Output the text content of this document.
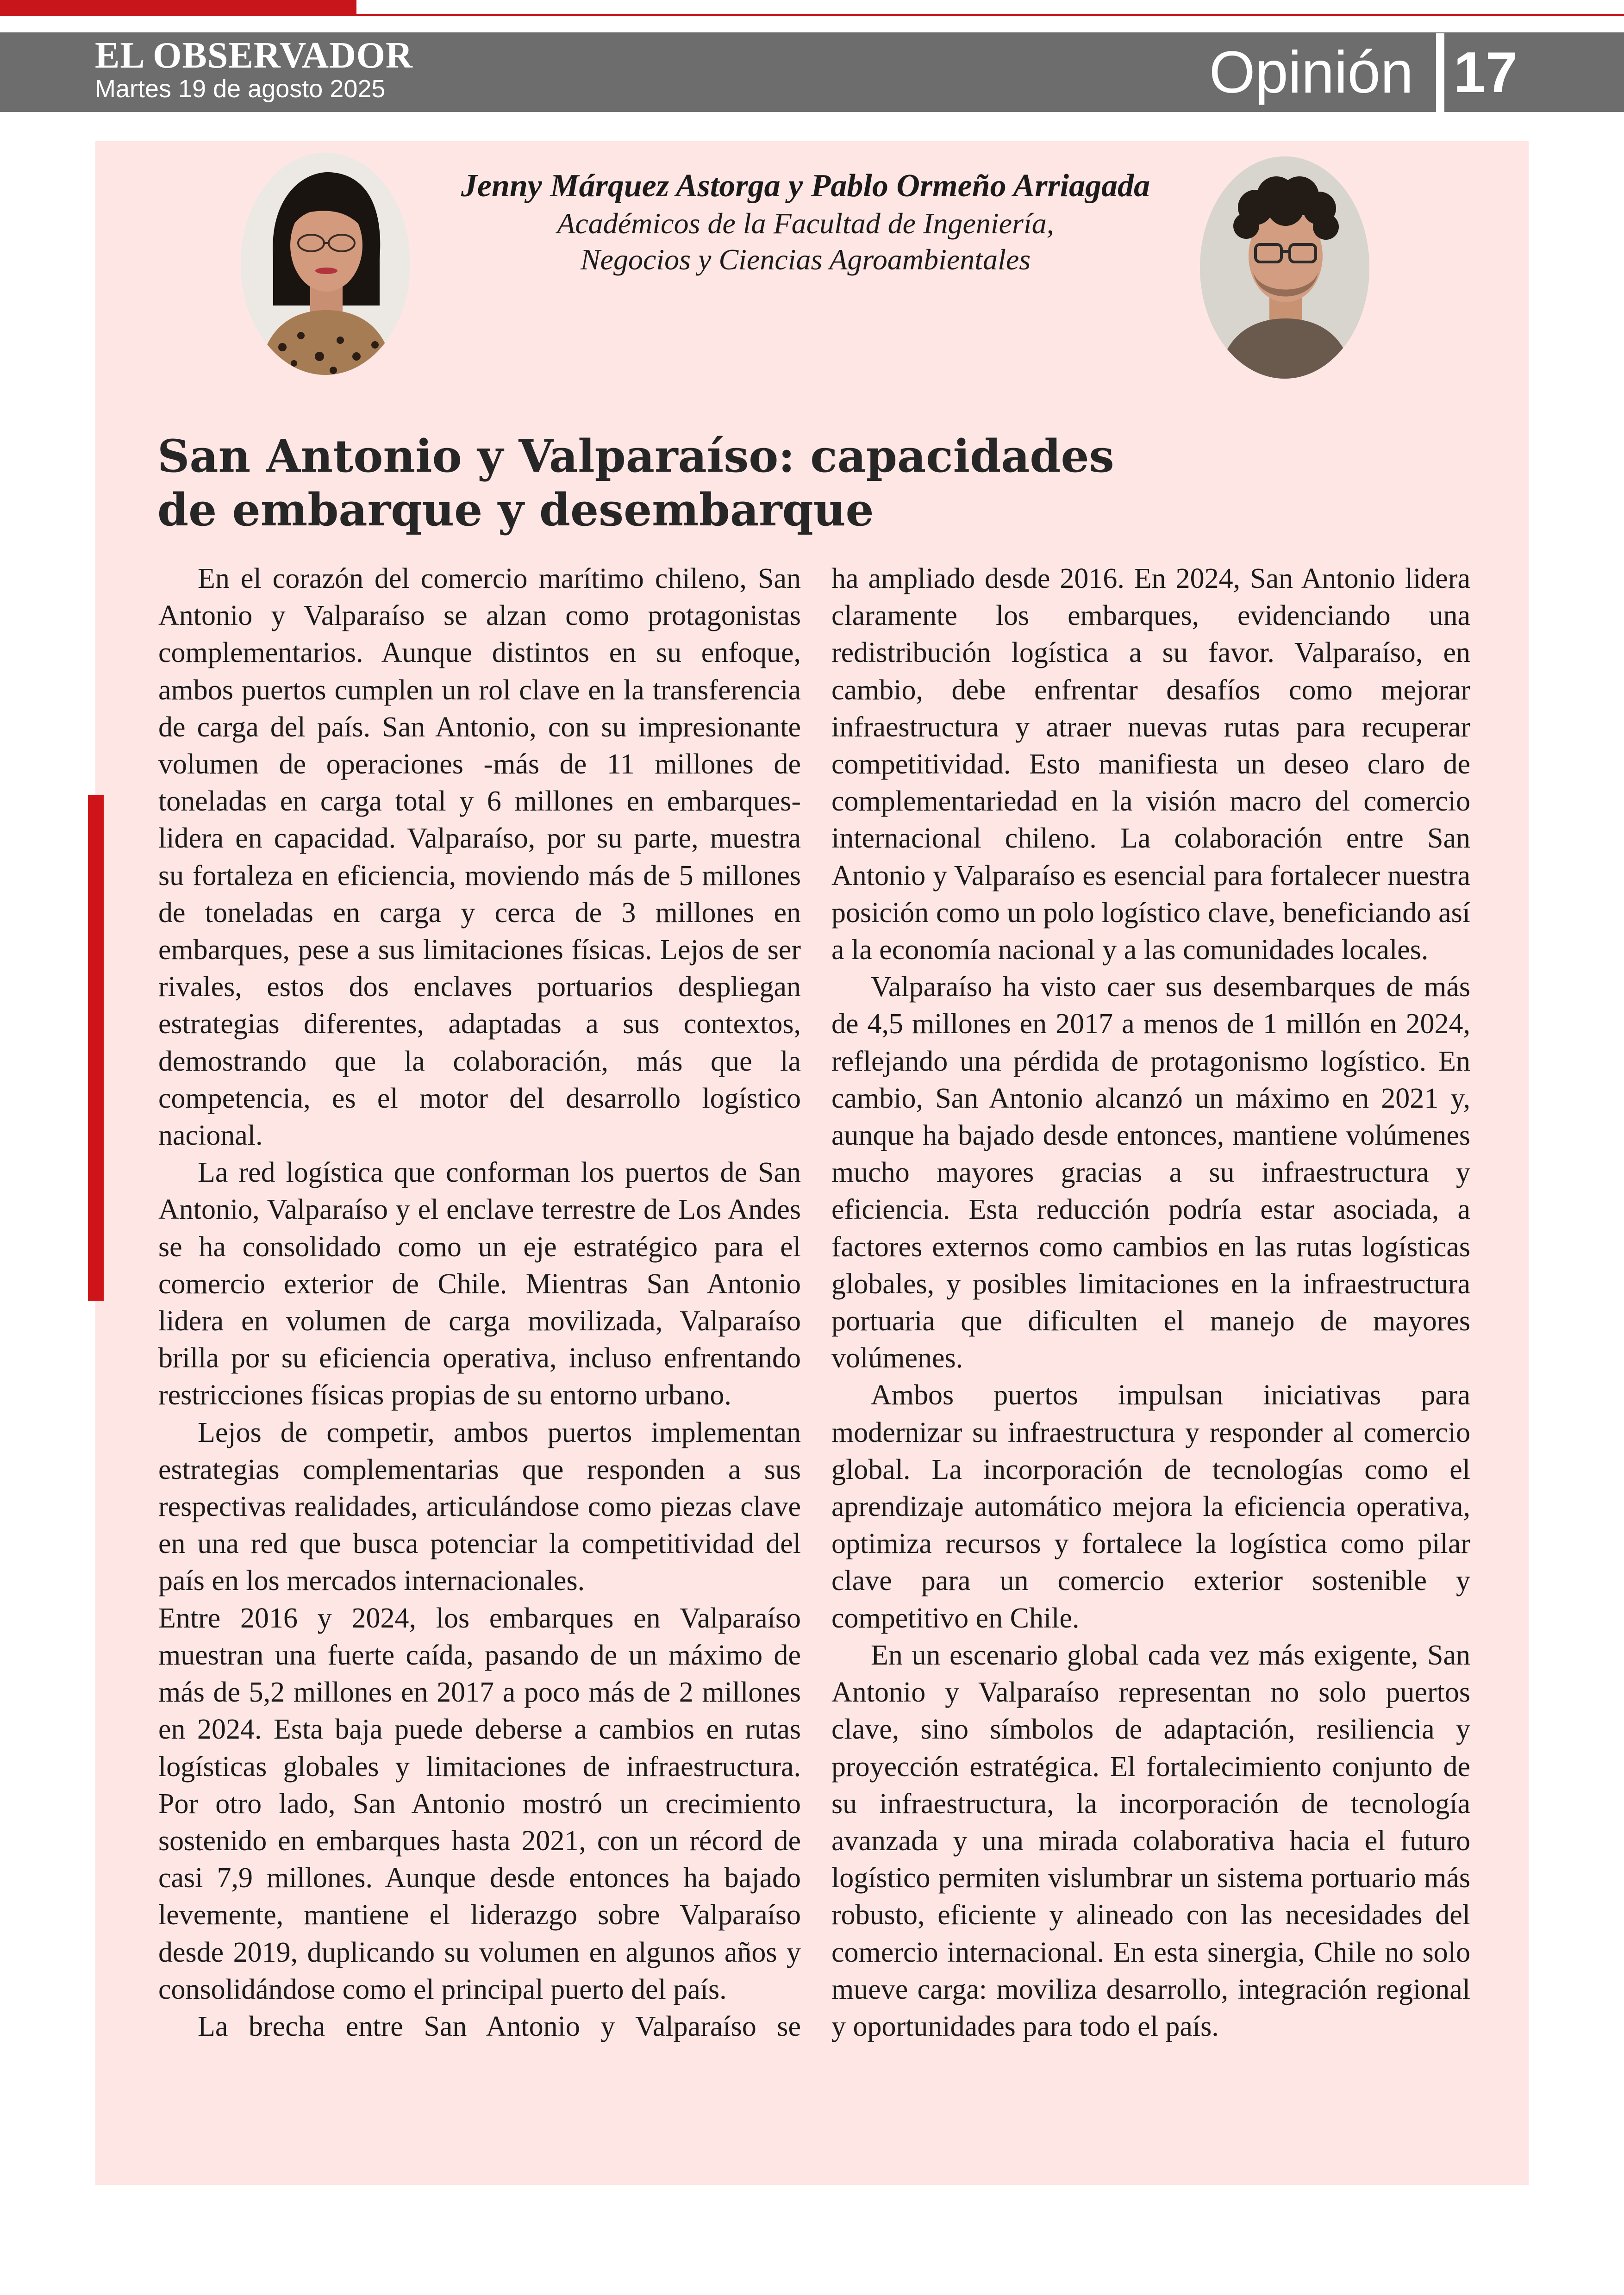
EL OBSERVADOR
Martes 19 de agosto 2025	Opinión 17
Jenny Márquez Astorga y Pablo Ormeño Arriagada
Académicos de la Facultad de Ingeniería,
Negocios y Ciencias Agroambientales
San Antonio y Valparaíso: capacidades
de embarque y desembarque

En el corazón del comercio marítimo chileno, San Antonio y Valparaíso se alzan como protagonistas complementarios. Aunque distintos en su enfoque, ambos puertos cumplen un rol clave en la transferencia de carga del país. San Antonio, con su impresionante volumen de operaciones -más de 11 millones de toneladas en carga total y 6 millones en embarques- lidera en capacidad. Valparaíso, por su parte, muestra su fortaleza en eficiencia, moviendo más de 5 millones de toneladas en carga y cerca de 3 millones en embarques, pese a sus limitaciones físicas. Lejos de ser rivales, estos dos enclaves portuarios despliegan estrategias diferentes, adaptadas a sus contextos, demostrando que la colaboración, más que la competencia, es el motor del desarrollo logístico nacional.

La red logística que conforman los puertos de San Antonio, Valparaíso y el enclave terrestre de Los Andes se ha consolidado como un eje estratégico para el comercio exterior de Chile. Mientras San Antonio lidera en volumen de carga movilizada, Valparaíso brilla por su eficiencia operativa, incluso enfrentando restricciones físicas propias de su entorno urbano.

Lejos de competir, ambos puertos implementan estrategias complementarias que responden a sus respectivas realidades, articulándose como piezas clave en una red que busca potenciar la competitividad del país en los mercados internacionales.

Entre 2016 y 2024, los embarques en Valparaíso muestran una fuerte caída, pasando de un máximo de más de 5,2 millones en 2017 a poco más de 2 millones en 2024. Esta baja puede deberse a cambios en rutas logísticas globales y limitaciones de infraestructura. Por otro lado, San Antonio mostró un crecimiento sostenido en embarques hasta 2021, con un récord de casi 7,9 millones. Aunque desde entonces ha bajado levemente, mantiene el liderazgo sobre Valparaíso desde 2019, duplicando su volumen en algunos años y consolidándose como el principal puerto del país.

La brecha entre San Antonio y Valparaíso se

ha ampliado desde 2016. En 2024, San Antonio lidera claramente los embarques, evidenciando una redistribución logística a su favor. Valparaíso, en cambio, debe enfrentar desafíos como mejorar infraestructura y atraer nuevas rutas para recuperar competitividad. Esto manifiesta un deseo claro de complementariedad en la visión macro del comercio internacional chileno. La colaboración entre San Antonio y Valparaíso es esencial para fortalecer nuestra posición como un polo logístico clave, beneficiando así a la economía nacional y a las comunidades locales.

Valparaíso ha visto caer sus desembarques de más de 4,5 millones en 2017 a menos de 1 millón en 2024, reflejando una pérdida de protagonismo logístico. En cambio, San Antonio alcanzó un máximo en 2021 y, aunque ha bajado desde entonces, mantiene volúmenes mucho mayores gracias a su infraestructura y eficiencia. Esta reducción podría estar asociada, a factores externos como cambios en las rutas logísticas globales, y posibles limitaciones en la infraestructura portuaria que dificulten el manejo de mayores volúmenes.

Ambos puertos impulsan iniciativas para modernizar su infraestructura y responder al comercio global. La incorporación de tecnologías como el aprendizaje automático mejora la eficiencia operativa, optimiza recursos y fortalece la logística como pilar clave para un comercio exterior sostenible y competitivo en Chile.

En un escenario global cada vez más exigente, San Antonio y Valparaíso representan no solo puertos clave, sino símbolos de adaptación, resiliencia y proyección estratégica. El fortalecimiento conjunto de su infraestructura, la incorporación de tecnología avanzada y una mirada colaborativa hacia el futuro logístico permiten vislumbrar un sistema portuario más robusto, eficiente y alineado con las necesidades del comercio internacional. En esta sinergia, Chile no solo mueve carga: moviliza desarrollo, integración regional y oportunidades para todo el país.
